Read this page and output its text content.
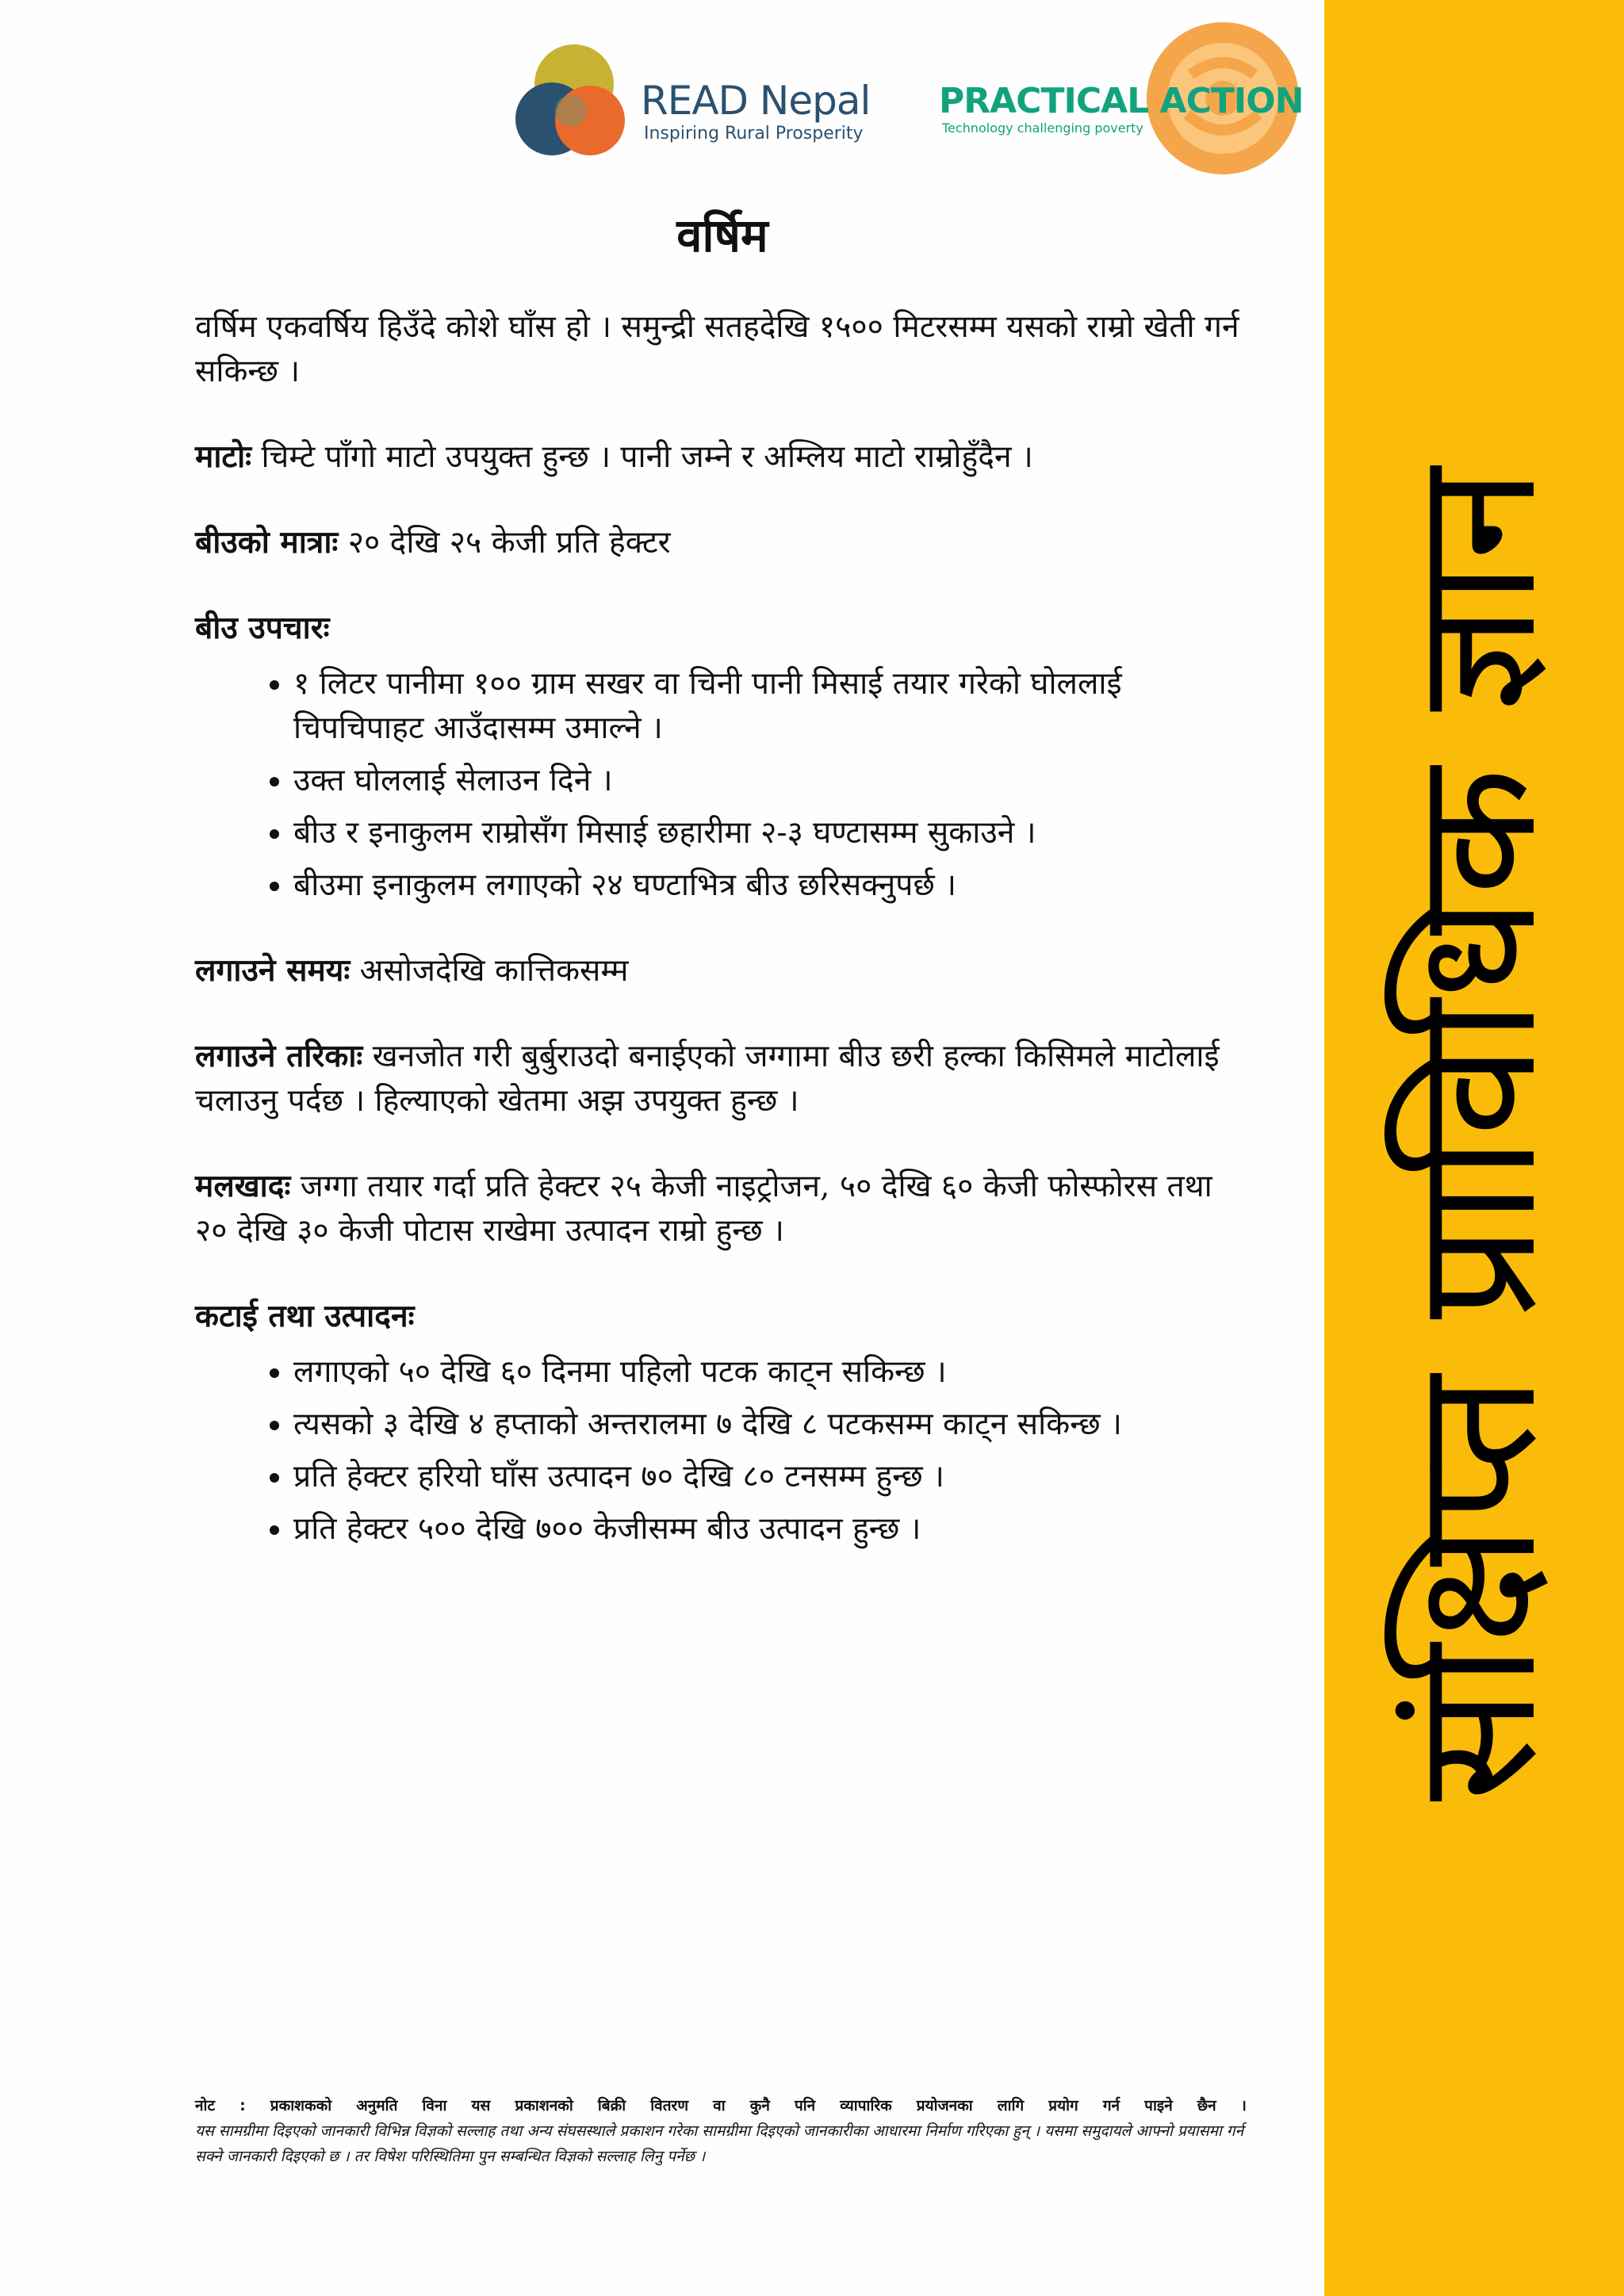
संक्षिप्त प्राविधिक ज्ञान
READ Nepal
Inspiring Rural Prosperity
PRACTICAL ACTION
Technology challenging poverty
वर्षिम

वर्षिम एकवर्षिय हिउँदे कोशे घाँस हो । समुन्द्री सतहदेखि १५०० मिटरसम्म यसको राम्रो खेती गर्न सकिन्छ ।

माटोः चिम्टे पाँगो माटो उपयुक्त हुन्छ । पानी जम्ने र अम्लिय माटो राम्रोहुँदैन ।

बीउको मात्राः २० देखि २५ केजी प्रति हेक्टर

बीउ उपचारः

• १ लिटर पानीमा १०० ग्राम सखर वा चिनी पानी मिसाई तयार गरेको घोललाई चिपचिपाहट आउँदासम्म उमाल्ने ।
• उक्त घोललाई सेलाउन दिने ।
• बीउ र इनाकुलम राम्रोसँग मिसाई छहारीमा २-३ घण्टासम्म सुकाउने ।
• बीउमा इनाकुलम लगाएको २४ घण्टाभित्र बीउ छरिसक्नुपर्छ ।

लगाउने समयः असोजदेखि कात्तिकसम्म

लगाउने तरिकाः खनजोत गरी बुर्बुराउदो बनाईएको जग्गामा बीउ छरी हल्का किसिमले माटोलाई चलाउनु पर्दछ । हिल्याएको खेतमा अझ उपयुक्त हुन्छ ।

मलखादः जग्गा तयार गर्दा प्रति हेक्टर २५ केजी नाइट्रोजन, ५० देखि ६० केजी फोस्फोरस तथा २० देखि ३० केजी पोटास राखेमा उत्पादन राम्रो हुन्छ ।

कटाई तथा उत्पादनः

• लगाएको ५० देखि ६० दिनमा पहिलो पटक काट्न सकिन्छ ।
• त्यसको ३ देखि ४ हप्ताको अन्तरालमा ७ देखि ८ पटकसम्म काट्न सकिन्छ ।
• प्रति हेक्टर हरियो घाँस उत्पादन ७० देखि ८० टनसम्म हुन्छ ।
• प्रति हेक्टर ५०० देखि ७०० केजीसम्म बीउ उत्पादन हुन्छ ।
नोट : प्रकाशकको अनुमति विना यस प्रकाशनको बिक्री वितरण वा कुनै पनि व्यापारिक प्रयोजनका लागि प्रयोग गर्न पाइने छैन ।
यस सामग्रीमा दिइएको जानकारी विभिन्न विज्ञको सल्लाह तथा अन्य संघसस्थाले प्रकाशन गरेका सामग्रीमा दिइएको जानकारीका आधारमा निर्माण गरिएका हुन् । यसमा समुदायले आफ्नो प्रयासमा गर्न सक्ने जानकारी दिइएको छ । तर विषेश परिस्थितिमा पुन सम्बन्धित विज्ञको सल्लाह लिनु पर्नेछ ।
